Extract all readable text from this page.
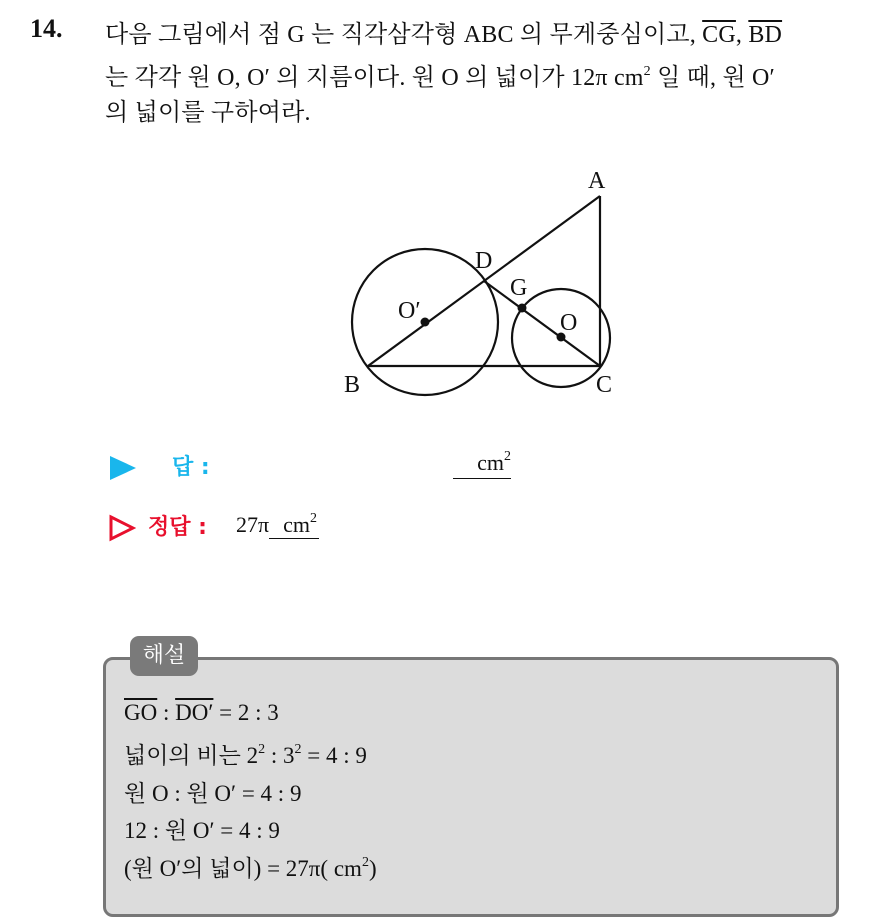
14. 다음 그림에서 점 G 는 직각삼각형 ABC 의 무게중심이고, $\overline{CG}$, $\overline{BD}$
는 각각 원 O, O′ 의 지름이다. 원 O 의 넓이가 12π $cm^2$ 일 때, 원 O′
의 넓이를 구하여라.
A
B	C
D
G
O
O′
답 :	$cm^2$
정답 : 27π $cm^2$
해설
$\overline{GO}$ : DO′ = 2 : 3
넓이의 비는 $2^2$ : $3^2 = 4$ : 9
원 O : 원 O′ = 4 : 9
12 : 원 O′ = 4 : 9
(원 O′의 넓이) = 27π( $cm^2$)
